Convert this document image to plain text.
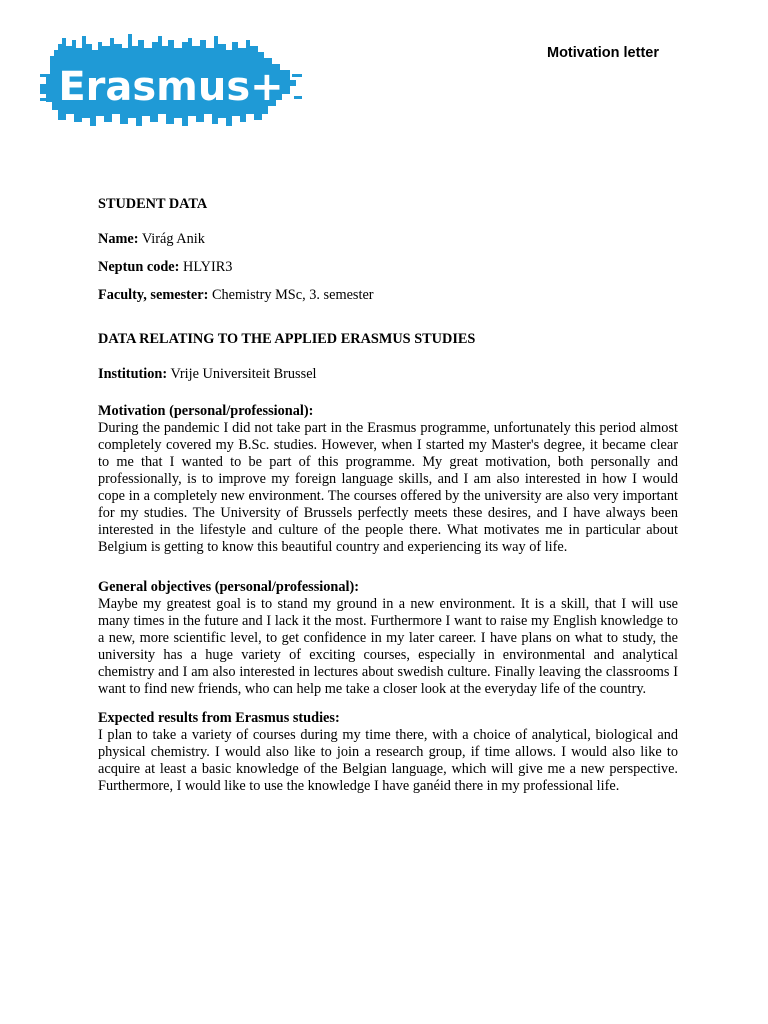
Erasmus+
Motivation letter
STUDENT DATA
Name: Virág Anik
Neptun code: HLYIR3
Faculty, semester: Chemistry MSc, 3. semester
DATA RELATING TO THE APPLIED ERASMUS STUDIES
Institution: Vrije Universiteit Brussel
Motivation (personal/professional):
During the pandemic I did not take part in the Erasmus programme, unfortunately this period almost completely covered my B.Sc. studies. However, when I started my Master's degree, it became clear to me that I wanted to be part of this programme. My great motivation, both personally and professionally, is to improve my foreign language skills, and I am also interested in how I would cope in a completely new environment. The courses offered by the university are also very important for my studies. The University of Brussels perfectly meets these desires, and I have always been interested in the lifestyle and culture of the people there. What motivates me in particular about Belgium is getting to know this beautiful country and experiencing its way of life.
General objectives (personal/professional):
Maybe my greatest goal is to stand my ground in a new environment. It is a skill, that I will use many times in the future and I lack it the most. Furthermore I want to raise my English knowledge to a new, more scientific level, to get confidence in my later career. I have plans on what to study, the university has a huge variety of exciting courses, especially in environmental and analytical chemistry and I am also interested in lectures about swedish culture. Finally leaving the classrooms I want to find new friends, who can help me take a closer look at the everyday life of the country.
Expected results from Erasmus studies:
I plan to take a variety of courses during my time there, with a choice of analytical, biological and physical chemistry. I would also like to join a research group, if time allows. I would also like to acquire at least a basic knowledge of the Belgian language, which will give me a new perspective. Furthermore, I would like to use the knowledge I have ganéid there in my professional life.
